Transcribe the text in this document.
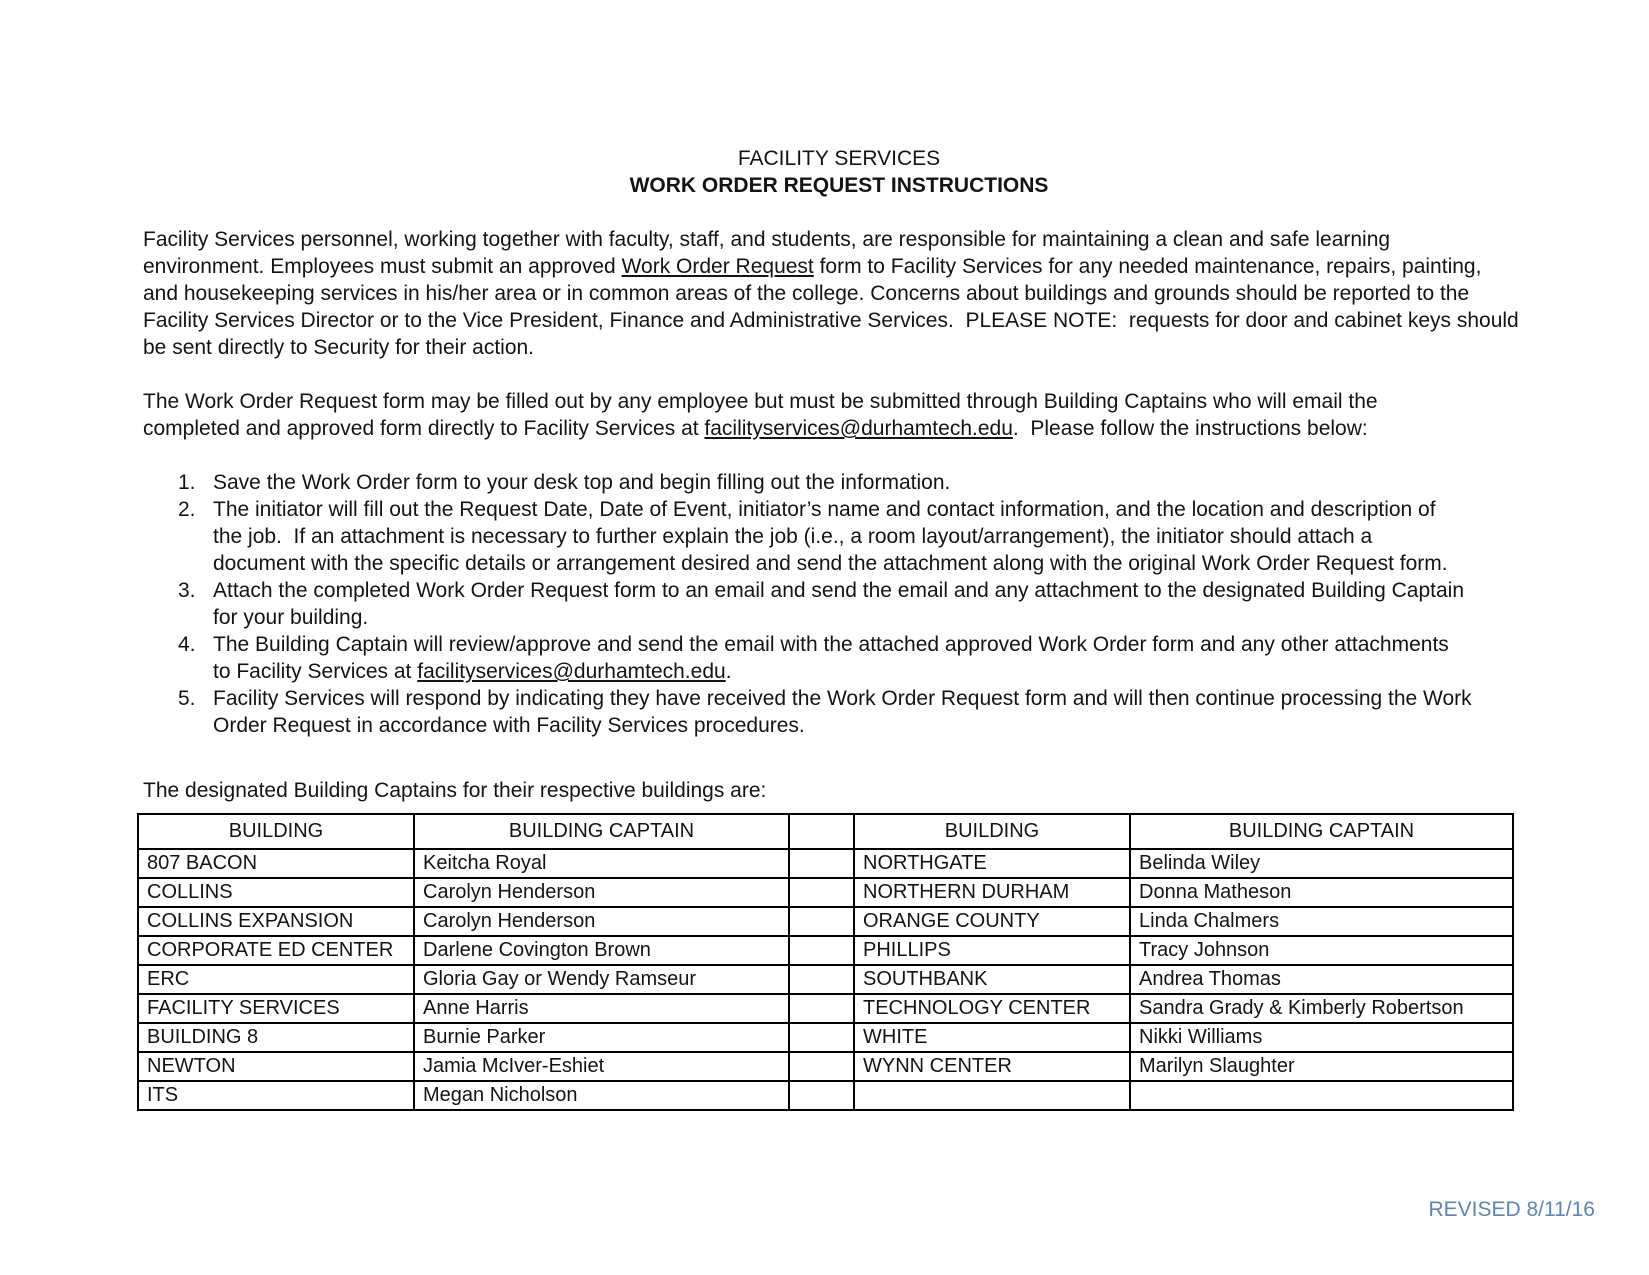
FACILITY SERVICES
WORK ORDER REQUEST INSTRUCTIONS
Facility Services personnel, working together with faculty, staff, and students, are responsible for maintaining a clean and safe learning
environment. Employees must submit an approved Work Order Request form to Facility Services for any needed maintenance, repairs, painting,
and housekeeping services in his/her area or in common areas of the college. Concerns about buildings and grounds should be reported to the
Facility Services Director or to the Vice President, Finance and Administrative Services.  PLEASE NOTE:  requests for door and cabinet keys should
be sent directly to Security for their action.
The Work Order Request form may be filled out by any employee but must be submitted through Building Captains who will email the
completed and approved form directly to Facility Services at facilityservices@durhamtech.edu.  Please follow the instructions below:
1. Save the Work Order form to your desk top and begin filling out the information.
2. The initiator will fill out the Request Date, Date of Event, initiator’s name and contact information, and the location and description of
the job.  If an attachment is necessary to further explain the job (i.e., a room layout/arrangement), the initiator should attach a
document with the specific details or arrangement desired and send the attachment along with the original Work Order Request form.
3. Attach the completed Work Order Request form to an email and send the email and any attachment to the designated Building Captain
for your building.
4. The Building Captain will review/approve and send the email with the attached approved Work Order form and any other attachments
to Facility Services at facilityservices@durhamtech.edu.
5. Facility Services will respond by indicating they have received the Work Order Request form and will then continue processing the Work
Order Request in accordance with Facility Services procedures.
The designated Building Captains for their respective buildings are:
BUILDING	BUILDING CAPTAIN		BUILDING	BUILDING CAPTAIN
807 BACON	Keitcha Royal		NORTHGATE	Belinda Wiley
COLLINS	Carolyn Henderson		NORTHERN DURHAM	Donna Matheson
COLLINS EXPANSION	Carolyn Henderson		ORANGE COUNTY	Linda Chalmers
CORPORATE ED CENTER	Darlene Covington Brown		PHILLIPS	Tracy Johnson
ERC	Gloria Gay or Wendy Ramseur		SOUTHBANK	Andrea Thomas
FACILITY SERVICES	Anne Harris		TECHNOLOGY CENTER	Sandra Grady & Kimberly Robertson
BUILDING 8	Burnie Parker		WHITE	Nikki Williams
NEWTON	Jamia McIver-Eshiet		WYNN CENTER	Marilyn Slaughter
ITS	Megan Nicholson			
REVISED 8/11/16
